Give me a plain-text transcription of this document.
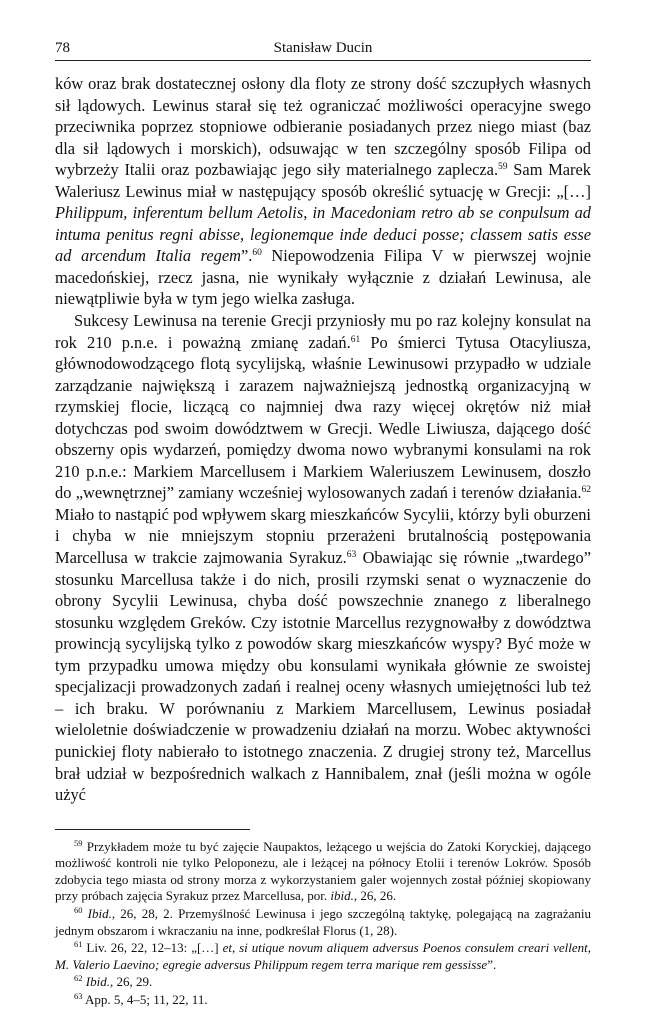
78	Stanisław Ducin

ków oraz brak dostatecznej osłony dla floty ze strony dość szczupłych własnych sił lądowych. Lewinus starał się też ograniczać możliwości operacyjne swego przeciwnika poprzez stopniowe odbieranie posiadanych przez niego miast (baz dla sił lądowych i morskich), odsuwając w ten szczególny sposób Filipa od wybrzeży Italii oraz pozbawiając jego siły materialnego zaplecza.$^{59}$ Sam Marek Waleriusz Lewinus miał w następujący sposób określić sytuację w Grecji: „[…] Philippum, inferentum bellum Aetolis, in Macedoniam retro ab se conpulsum ad intuma penitus regni abisse, legionemque inde deduci posse; classem satis esse ad arcendum Italia regem”.$^{60}$ Niepowodzenia Filipa V w pierwszej wojnie macedońskiej, rzecz jasna, nie wynikały wyłącznie z działań Lewinusa, ale niewątpliwie była w tym jego wielka zasługa.

Sukcesy Lewinusa na terenie Grecji przyniosły mu po raz kolejny konsulat na rok 210 p.n.e. i poważną zmianę zadań.$^{61}$ Po śmierci Tytusa Otacyliusza, głównodowodzącego flotą sycylijską, właśnie Lewinusowi przypadło w udziale zarządzanie największą i zarazem najważniejszą jednostką organizacyjną w rzymskiej flocie, liczącą co najmniej dwa razy więcej okrętów niż miał dotychczas pod swoim dowództwem w Grecji. Wedle Liwiusza, dającego dość obszerny opis wydarzeń, pomiędzy dwoma nowo wybranymi konsulami na rok 210 p.n.e.: Markiem Marcellusem i Markiem Waleriuszem Lewinusem, doszło do „wewnętrznej” zamiany wcześniej wylosowanych zadań i terenów działania.$^{62}$ Miało to nastąpić pod wpływem skarg mieszkańców Sycylii, którzy byli oburzeni i chyba w nie mniejszym stopniu przerażeni brutalnością postępowania Marcellusa w trakcie zajmowania Syrakuz.$^{63}$ Obawiając się równie „twardego” stosunku Marcellusa także i do nich, prosili rzymski senat o wyznaczenie do obrony Sycylii Lewinusa, chyba dość powszechnie znanego z liberalnego stosunku względem Greków. Czy istotnie Marcellus rezygnowałby z dowództwa prowincją sycylijską tylko z powodów skarg mieszkańców wyspy? Być może w tym przypadku umowa między obu konsulami wynikała głównie ze swoistej specjalizacji prowadzonych zadań i realnej oceny własnych umiejętności lub też – ich braku. W porównaniu z Markiem Marcellusem, Lewinus posiadał wieloletnie doświadczenie w prowadzeniu działań na morzu. Wobec aktywności punickiej floty nabierało to istotnego znaczenia. Z drugiej strony też, Marcellus brał udział w bezpośrednich walkach z Hannibalem, znał (jeśli można w ogóle użyć

$^{59}$ Przykładem może tu być zajęcie Naupaktos, leżącego u wejścia do Zatoki Koryckiej, dającego możliwość kontroli nie tylko Peloponezu, ale i leżącej na północy Etolii i terenów Lokrów. Sposób zdobycia tego miasta od strony morza z wykorzystaniem galer wojennych został później skopiowany przy próbach zajęcia Syrakuz przez Marcellusa, por. ibid., 26, 26.

$^{60}$ Ibid., 26, 28, 2. Przemyślność Lewinusa i jego szczególną taktykę, polegającą na zagrażaniu jednym obszarom i wkraczaniu na inne, podkreślał Florus (1, 28).

$^{61}$ Liv. 26, 22, 12–13: „[…] et, si utique novum aliquem adversus Poenos consulem creari vellent, M. Valerio Laevino; egregie adversus Philippum regem terra marique rem gessisse”.

$^{62}$ Ibid., 26, 29.

$^{63}$ App. 5, 4–5; 11, 22, 11.
